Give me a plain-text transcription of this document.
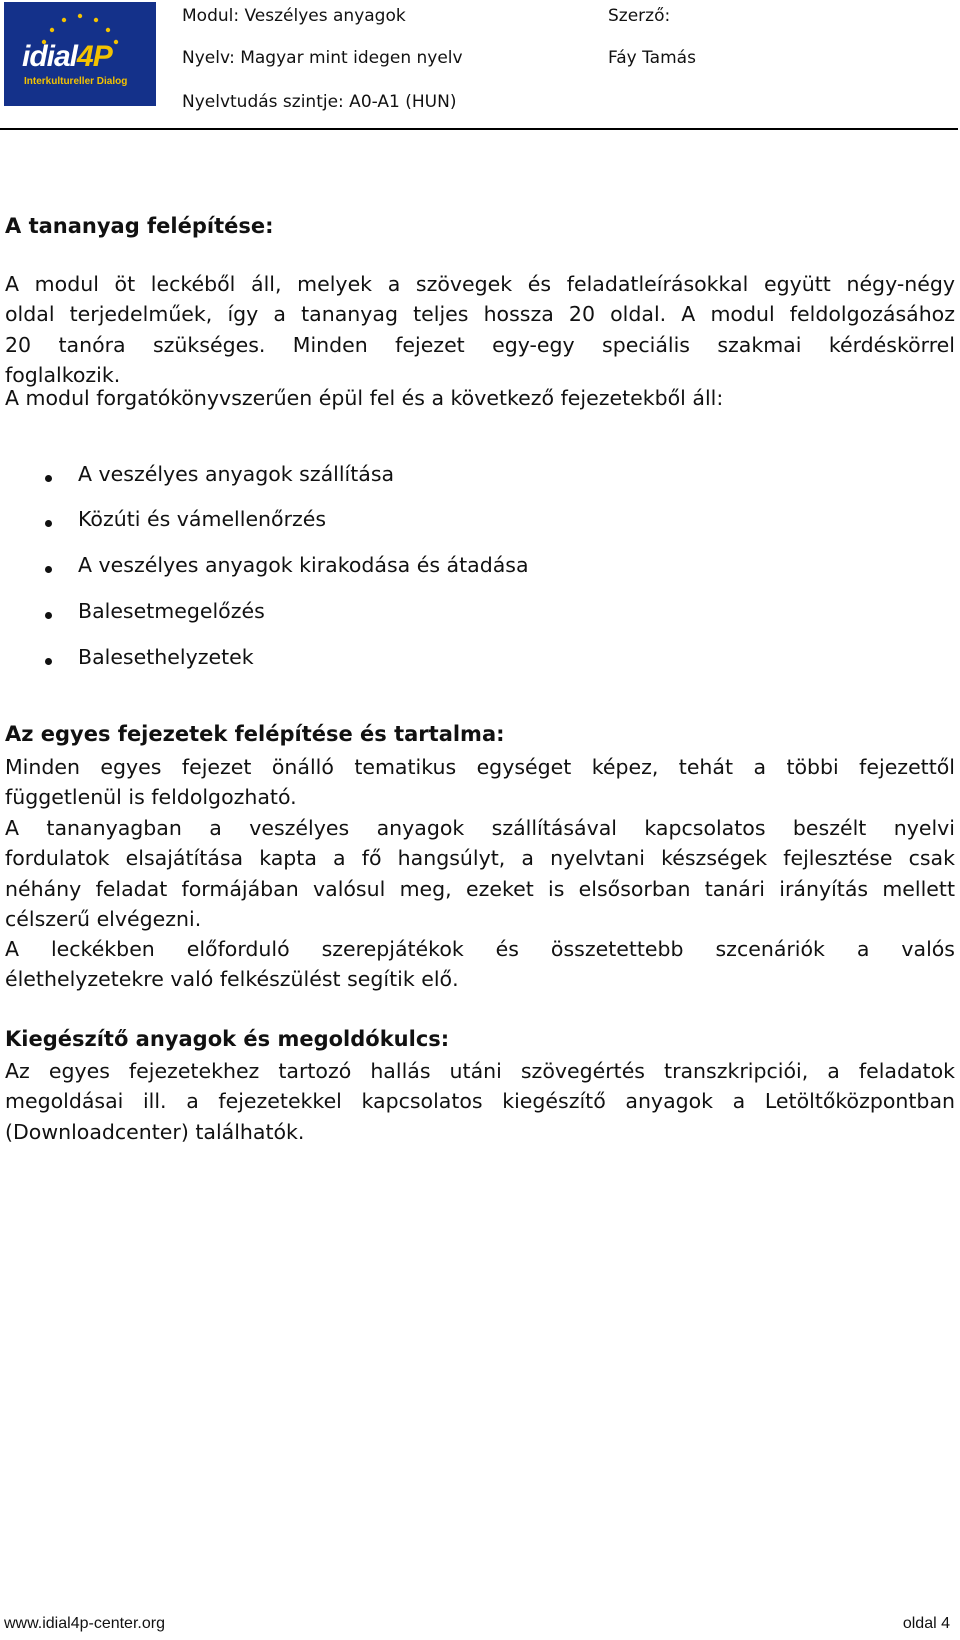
idial4P
Interkultureller Dialog
Modul: Veszélyes anyagok
Nyelv: Magyar mint idegen nyelv
Nyelvtudás szintje: A0-A1 (HUN)
Szerző:
Fáy Tamás
A tananyag felépítése:
A modul öt leckéből áll, melyek a szövegek és feladatleírásokkal együtt négy-négy
oldal terjedelműek, így a tananyag teljes hossza 20 oldal. A modul feldolgozásához
20 tanóra szükséges. Minden fejezet egy-egy speciális szakmai kérdéskörrel
foglalkozik.
A modul forgatókönyvszerűen épül fel és a következő fejezetekből áll:
A veszélyes anyagok szállítása
Közúti és vámellenőrzés
A veszélyes anyagok kirakodása és átadása
Balesetmegelőzés
Balesethelyzetek
Az egyes fejezetek felépítése és tartalma:
Minden egyes fejezet önálló tematikus egységet képez, tehát a többi fejezettől
függetlenül is feldolgozható.
A tananyagban a veszélyes anyagok szállításával kapcsolatos beszélt nyelvi
fordulatok elsajátítása kapta a fő hangsúlyt, a nyelvtani készségek fejlesztése csak
néhány feladat formájában valósul meg, ezeket is elsősorban tanári irányítás mellett
célszerű elvégezni.
A leckékben előforduló szerepjátékok és összetettebb szcenáriók a valós
élethelyzetekre való felkészülést segítik elő.
Kiegészítő anyagok és megoldókulcs:
Az egyes fejezetekhez tartozó hallás utáni szövegértés transzkripciói, a feladatok
megoldásai ill. a fejezetekkel kapcsolatos kiegészítő anyagok a Letöltőközpontban
(Downloadcenter) találhatók.
www.idial4p-center.org	oldal 4
